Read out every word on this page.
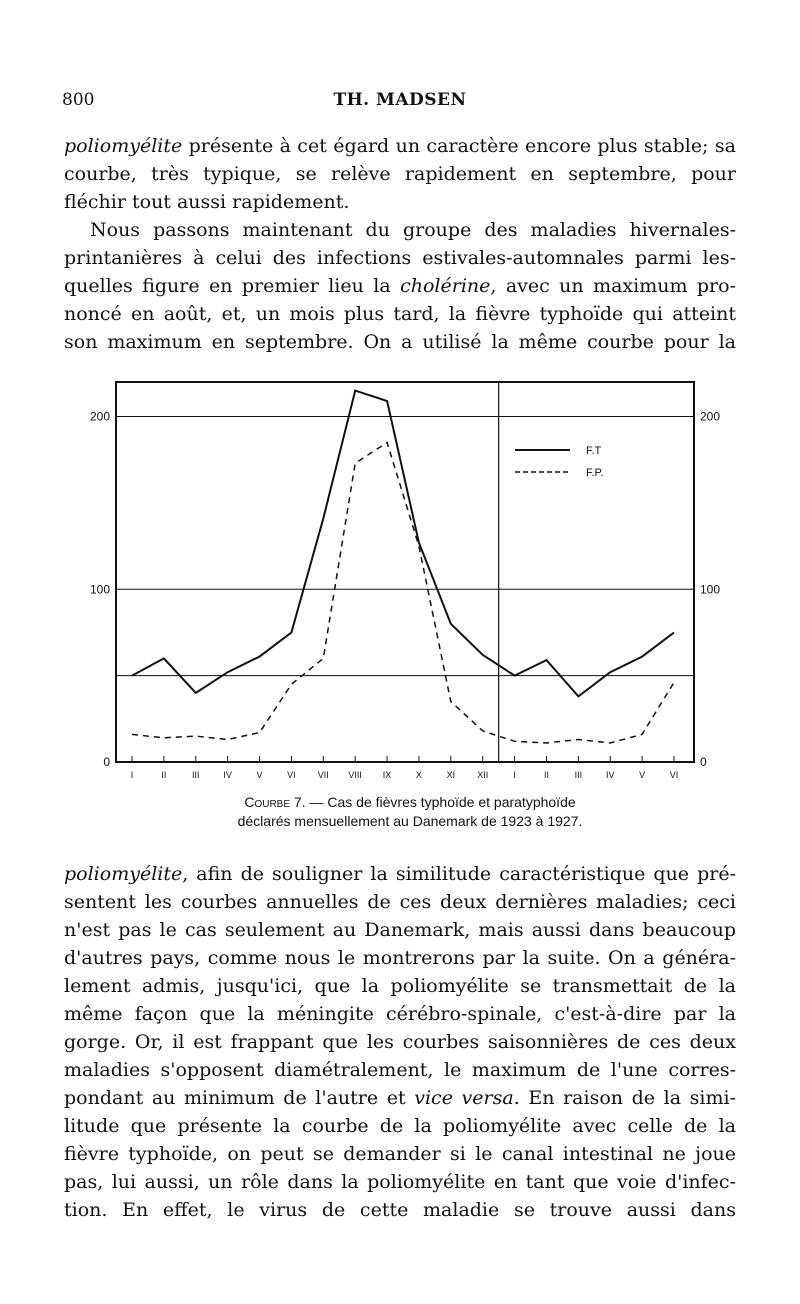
800	TH. MADSEN
poliomyélite présente à cet égard un caractère encore plus stable; sa
courbe, très typique, se relève rapidement en septembre, pour
fléchir tout aussi rapidement.
Nous passons maintenant du groupe des maladies hivernales-
printanières à celui des infections estivales-automnales parmi les-
quelles figure en premier lieu la cholérine, avec un maximum pro-
noncé en août, et, un mois plus tard, la fièvre typhoïde qui atteint
son maximum en septembre. On a utilisé la même courbe pour la
0	0
100	100
200	200
I	II	III	IV	V	VI VII VIII IX	X	XI XII	I	II	III	IV	V	VI
F.T
F.P.
Courbe 7. — Cas de fièvres typhoïde et paratyphoïde
déclarés mensuellement au Danemark de 1923 à 1927.
poliomyélite, afin de souligner la similitude caractéristique que pré-
sentent les courbes annuelles de ces deux dernières maladies; ceci
n'est pas le cas seulement au Danemark, mais aussi dans beaucoup
d'autres pays, comme nous le montrerons par la suite. On a généra-
lement admis, jusqu'ici, que la poliomyélite se transmettait de la
même façon que la méningite cérébro-spinale, c'est-à-dire par la
gorge. Or, il est frappant que les courbes saisonnières de ces deux
maladies s'opposent diamétralement, le maximum de l'une corres-
pondant au minimum de l'autre et vice versa. En raison de la simi-
litude que présente la courbe de la poliomyélite avec celle de la
fièvre typhoïde, on peut se demander si le canal intestinal ne joue
pas, lui aussi, un rôle dans la poliomyélite en tant que voie d'infec-
tion. En effet, le virus de cette maladie se trouve aussi dans
